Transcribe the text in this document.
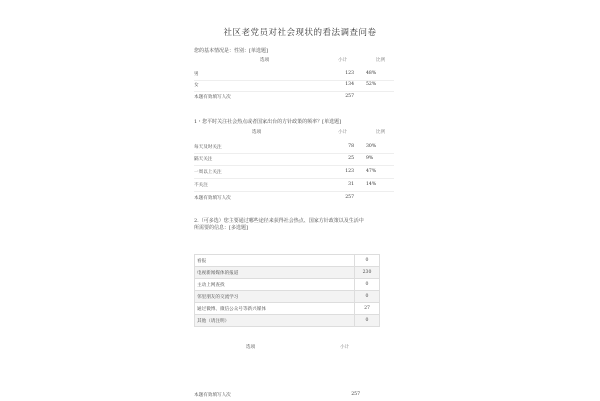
社区老党员对社会现状的看法调查问卷
您的基本情况是：性别：[单选题]
选项	小计	比例
男	123	48%
女	134	52%
本题有效填写人次	257
1・您平时关注社会热点或者国家出台的方针政策的频率？[单选题]
选项	小计	比例
每天及时关注	78	30%
隔天关注	25	9%
一周以上关注	123	47%
不关注	31	14%
本题有效填写人次	257
2.（可多选）您主要通过哪些途径来获得社会热点、国家方针政策以及生活中
所需要的信息：[多选题]
看报	0
电视新闻媒体的报道	230
主动上网查找	0
邻里朋友的交流学习	0
通过微博、微信公众号等新兴媒体	27
其他（请注明）	0
选项	小计
本题有效填写人次	257
